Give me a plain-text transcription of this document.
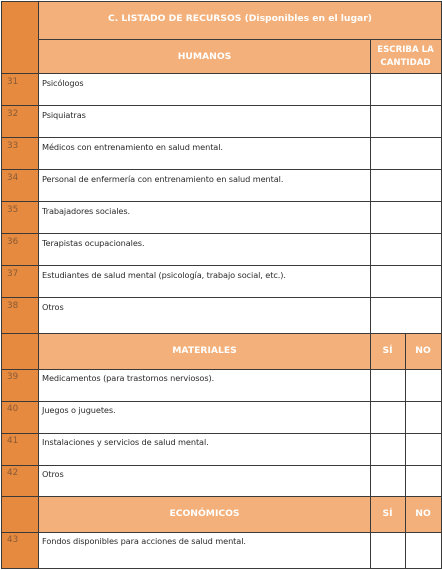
C. LISTADO DE RECURSOS (Disponibles en el lugar)
HUMANOS
ESCRIBA LA
CANTIDAD
31	Psicólogos
32	Psiquiatras
33	Médicos con entrenamiento en salud mental.
34	Personal de enfermería con entrenamiento en salud mental.
35	Trabajadores sociales.
36	Terapistas ocupacionales.
37	Estudiantes de salud mental (psicología, trabajo social, etc.).
38	Otros
MATERIALES	SÍ	NO
39	Medicamentos (para trastornos nerviosos).
40	Juegos o juguetes.
41	Instalaciones y servicios de salud mental.
42	Otros
ECONÓMICOS	SÍ	NO
43	Fondos disponibles para acciones de salud mental.
